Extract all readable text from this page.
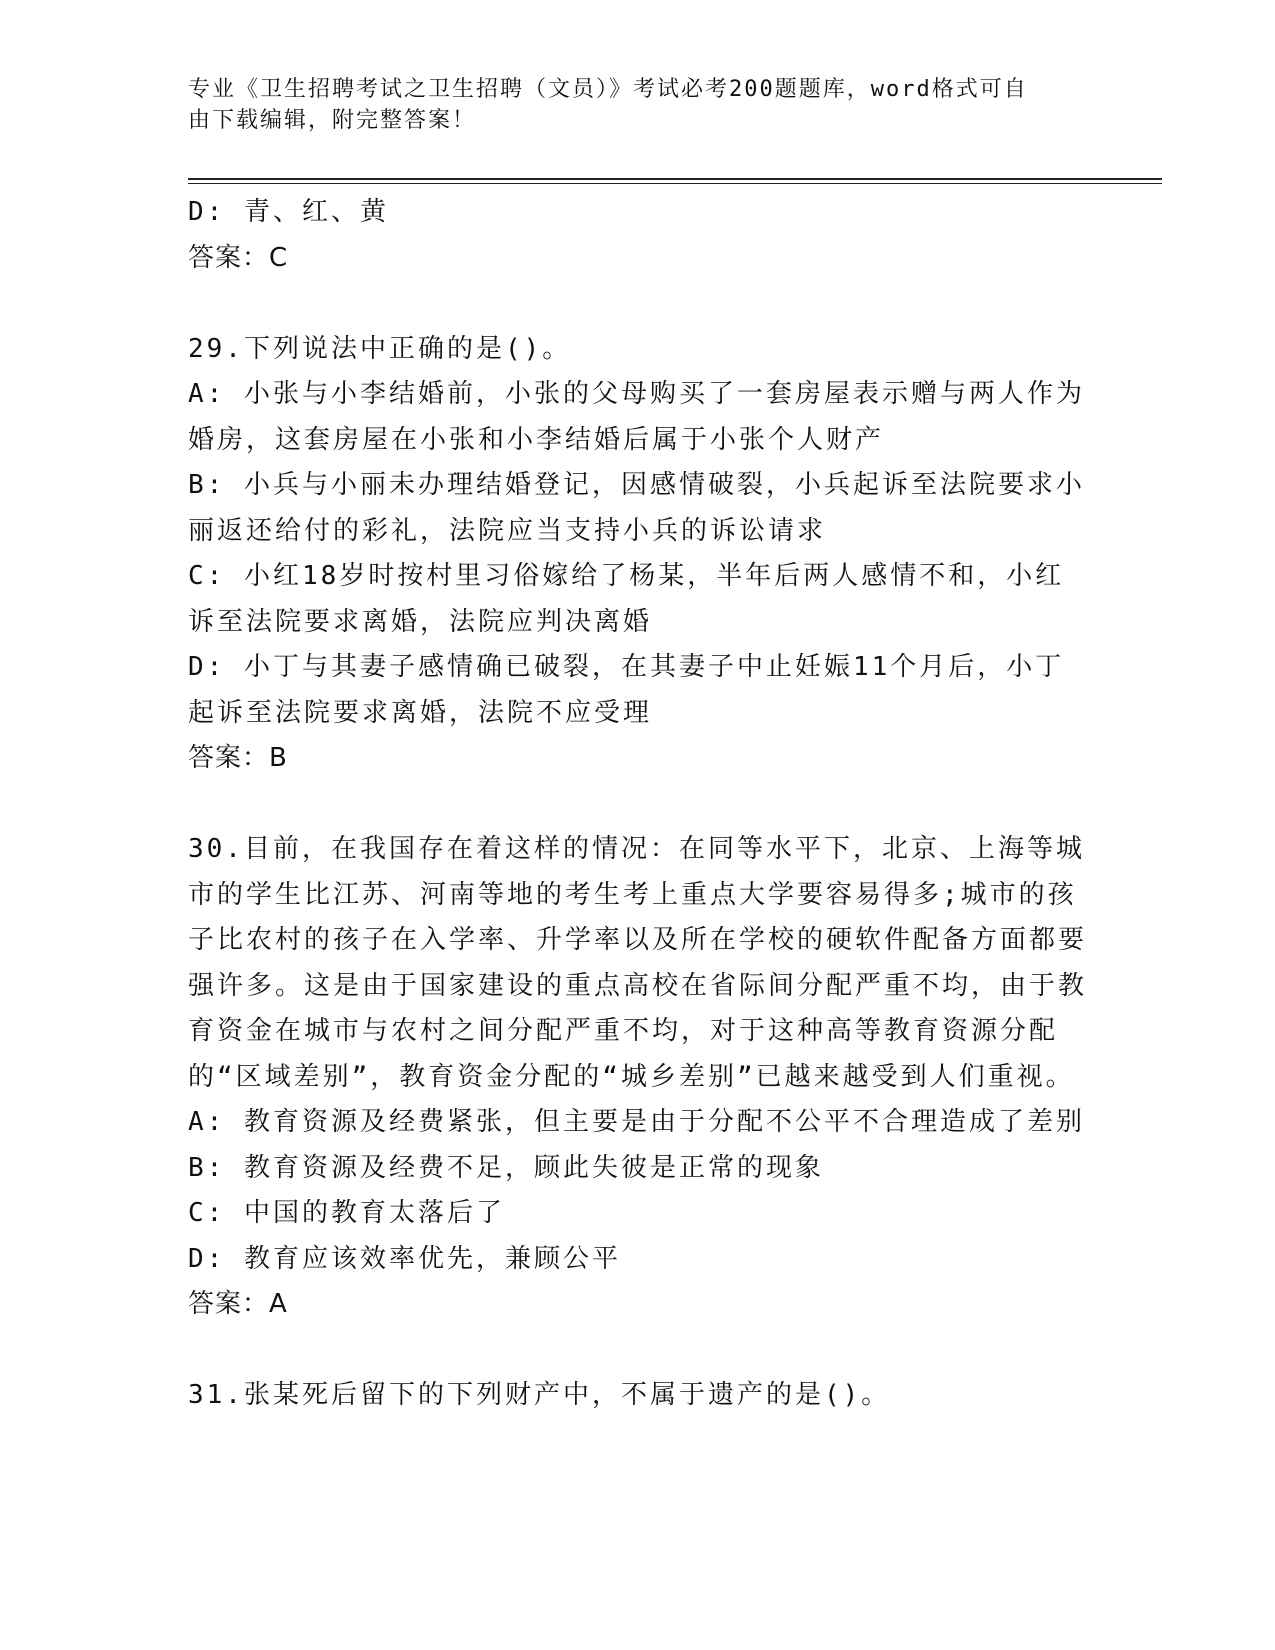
专业《卫生招聘考试之卫生招聘（文员）》考试必考200题题库，word格式可自
由下载编辑，附完整答案！

D: 青、红、黄

答案：C

29.下列说法中正确的是()。

A: 小张与小李结婚前，小张的父母购买了一套房屋表示赠与两人作为婚房，这套房屋在小张和小李结婚后属于小张个人财产

B: 小兵与小丽未办理结婚登记，因感情破裂，小兵起诉至法院要求小丽返还给付的彩礼，法院应当支持小兵的诉讼请求

C: 小红18岁时按村里习俗嫁给了杨某，半年后两人感情不和，小红诉至法院要求离婚，法院应判决离婚

D: 小丁与其妻子感情确已破裂，在其妻子中止妊娠11个月后，小丁起诉至法院要求离婚，法院不应受理

答案：B

30.目前，在我国存在着这样的情况：在同等水平下，北京、上海等城市的学生比江苏、河南等地的考生考上重点大学要容易得多;城市的孩子比农村的孩子在入学率、升学率以及所在学校的硬软件配备方面都要强许多。这是由于国家建设的重点高校在省际间分配严重不均，由于教育资金在城市与农村之间分配严重不均，对于这种高等教育资源分配的“区域差别”，教育资金分配的“城乡差别”已越来越受到人们重视。

A: 教育资源及经费紧张，但主要是由于分配不公平不合理造成了差别

B: 教育资源及经费不足，顾此失彼是正常的现象

C: 中国的教育太落后了

D: 教育应该效率优先，兼顾公平

答案：A

31.张某死后留下的下列财产中，不属于遗产的是()。
